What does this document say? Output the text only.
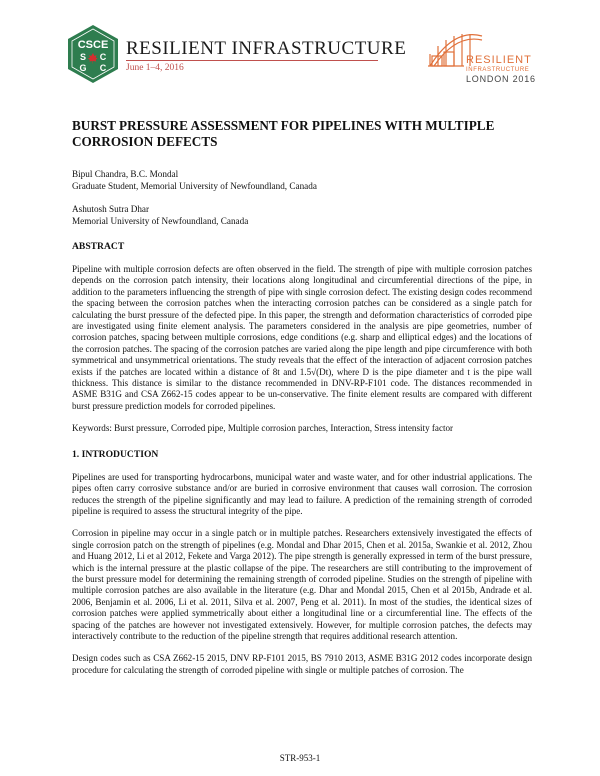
CSCE
S C
G C
RESILIENT INFRASTRUCTURE
June 1–4, 2016
RESILIENT
INFRASTRUCTURE
LONDON 2016
BURST PRESSURE ASSESSMENT FOR PIPELINES WITH MULTIPLE CORROSION DEFECTS
Bipul Chandra, B.C. Mondal
Graduate Student, Memorial University of Newfoundland, Canada
Ashutosh Sutra Dhar
Memorial University of Newfoundland, Canada
ABSTRACT

Pipeline with multiple corrosion defects are often observed in the field. The strength of pipe with multiple corrosion patches depends on the corrosion patch intensity, their locations along longitudinal and circumferential directions of the pipe, in addition to the parameters influencing the strength of pipe with single corrosion defect. The existing design codes recommend the spacing between the corrosion patches when the interacting corrosion patches can be considered as a single patch for calculating the burst pressure of the defected pipe. In this paper, the strength and deformation characteristics of corroded pipe are investigated using finite element analysis. The parameters considered in the analysis are pipe geometries, number of corrosion patches, spacing between multiple corrosions, edge conditions (e.g. sharp and elliptical edges) and the locations of the corrosion patches. The spacing of the corrosion patches are varied along the pipe length and pipe circumference with both symmetrical and unsymmetrical orientations. The study reveals that the effect of the interaction of adjacent corrosion patches exists if the patches are located within a distance of 8t and 1.5√(Dt), where D is the pipe diameter and t is the pipe wall thickness. This distance is similar to the distance recommended in DNV-RP-F101 code. The distances recommended in ASME B31G and CSA Z662-15 codes appear to be un-conservative. The finite element results are compared with different burst pressure prediction models for corroded pipelines.

Keywords: Burst pressure, Corroded pipe, Multiple corrosion parches, Interaction, Stress intensity factor

1. INTRODUCTION

Pipelines are used for transporting hydrocarbons, municipal water and waste water, and for other industrial applications. The pipes often carry corrosive substance and/or are buried in corrosive environment that causes wall corrosion. The corrosion reduces the strength of the pipeline significantly and may lead to failure. A prediction of the remaining strength of corroded pipeline is required to assess the structural integrity of the pipe.

Corrosion in pipeline may occur in a single patch or in multiple patches. Researchers extensively investigated the effects of single corrosion patch on the strength of pipelines (e.g. Mondal and Dhar 2015, Chen et al. 2015a, Swankie et al. 2012, Zhou and Huang 2012, Li et al 2012, Fekete and Varga 2012). The pipe strength is generally expressed in term of the burst pressure, which is the internal pressure at the plastic collapse of the pipe. The researchers are still contributing to the improvement of the burst pressure model for determining the remaining strength of corroded pipeline. Studies on the strength of pipeline with multiple corrosion patches are also available in the literature (e.g. Dhar and Mondal 2015, Chen et al 2015b, Andrade et al. 2006, Benjamin et al. 2006, Li et al. 2011, Silva et al. 2007, Peng et al. 2011). In most of the studies, the identical sizes of corrosion patches were applied symmetrically about either a longitudinal line or a circumferential line. The effects of the spacing of the patches are however not investigated extensively. However, for multiple corrosion patches, the defects may interactively contribute to the reduction of the pipeline strength that requires additional research attention.

Design codes such as CSA Z662-15 2015, DNV RP-F101 2015, BS 7910 2013, ASME B31G 2012 codes incorporate design procedure for calculating the strength of corroded pipeline with single or multiple patches of corrosion. The

STR-953-1
